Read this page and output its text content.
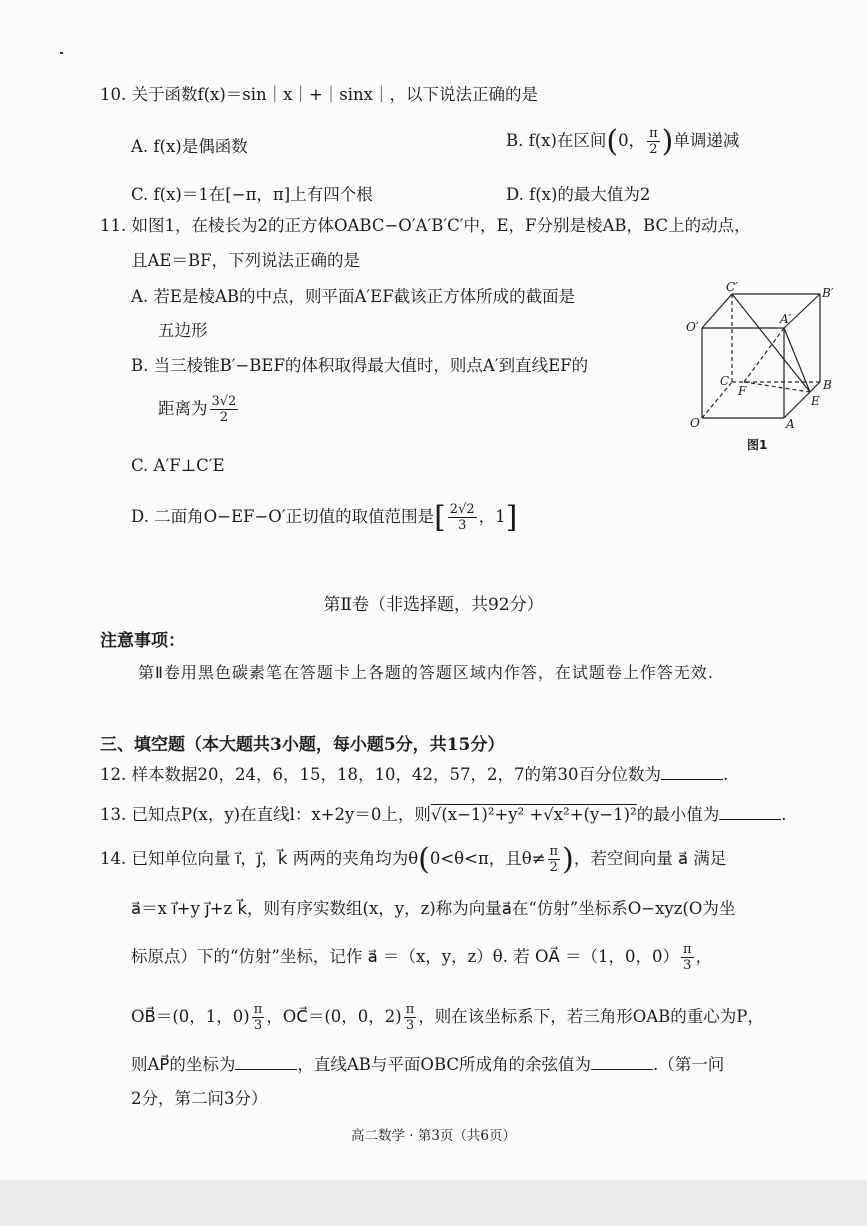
10. 关于函数f(x)＝sin｜x｜+｜sinx｜，以下说法正确的是
A. f(x)是偶函数	B. f(x)在区间(0， $\frac{\pi}{2}$ )单调递减
C. f(x)＝1在[−π，π]上有四个根	D. f(x)的最大值为2
11. 如图1，在棱长为2的正方体OABC−O′A′B′C′中，E，F分别是棱AB，BC上的动点，
且AE＝BF，下列说法正确的是
A. 若E是棱AB的中点，则平面A′EF截该正方体所成的截面是
五边形
B. 当三棱锥B′−BEF的体积取得最大值时，则点A′到直线EF的
距离为 $\frac{3√2}{2}$
C. A′F⊥C′E
D. 二面角O−EF−O′正切值的取值范围是[ $\frac{2√2}{3}$ ，1]
C′	B′
O′
A′
C
F	B
E
O	A
图1
第Ⅱ卷（非选择题，共92分）
注意事项：
第Ⅱ卷用黑色碳素笔在答题卡上各题的答题区域内作答，在试题卷上作答无效.
三、填空题（本大题共3小题，每小题5分，共15分）
12. 样本数据20，24，6，15，18，10，42，57，2，7的第30百分位数为	.
13. 已知点P(x，y)在直线l：x+2y＝0上，则√(x−1)²+y² +√x²+(y−1)²的最小值为	.
14. 已知单位向量 i⃗，j⃗，k⃗ 两两的夹角均为θ(0<θ<π，且$\theta\ne \frac{\pi}{2}$ )，若空间向量 a⃗ 满足
a⃗＝x i⃗+y j⃗+z k⃗，则有序实数组(x，y，z)称为向量a⃗在“仿射”坐标系O−xyz(O为坐
标原点）下的“仿射”坐标，记作 a⃗ ＝（x，y，z）θ. 若 OA⃗ ＝（1，0，$0) \frac{\pi}{3}$ ，
OB⃗＝(0，1，$0) \frac{\pi}{3}$ ，OC⃗＝(0，0，$2) \frac{\pi}{3}$ ，则在该坐标系下，若三角形OAB的重心为P，
则AP⃗的坐标为	，直线AB与平面OBC所成角的余弦值为	.（第一问
2分，第二问3分）
高二数学 · 第3页（共6页）
